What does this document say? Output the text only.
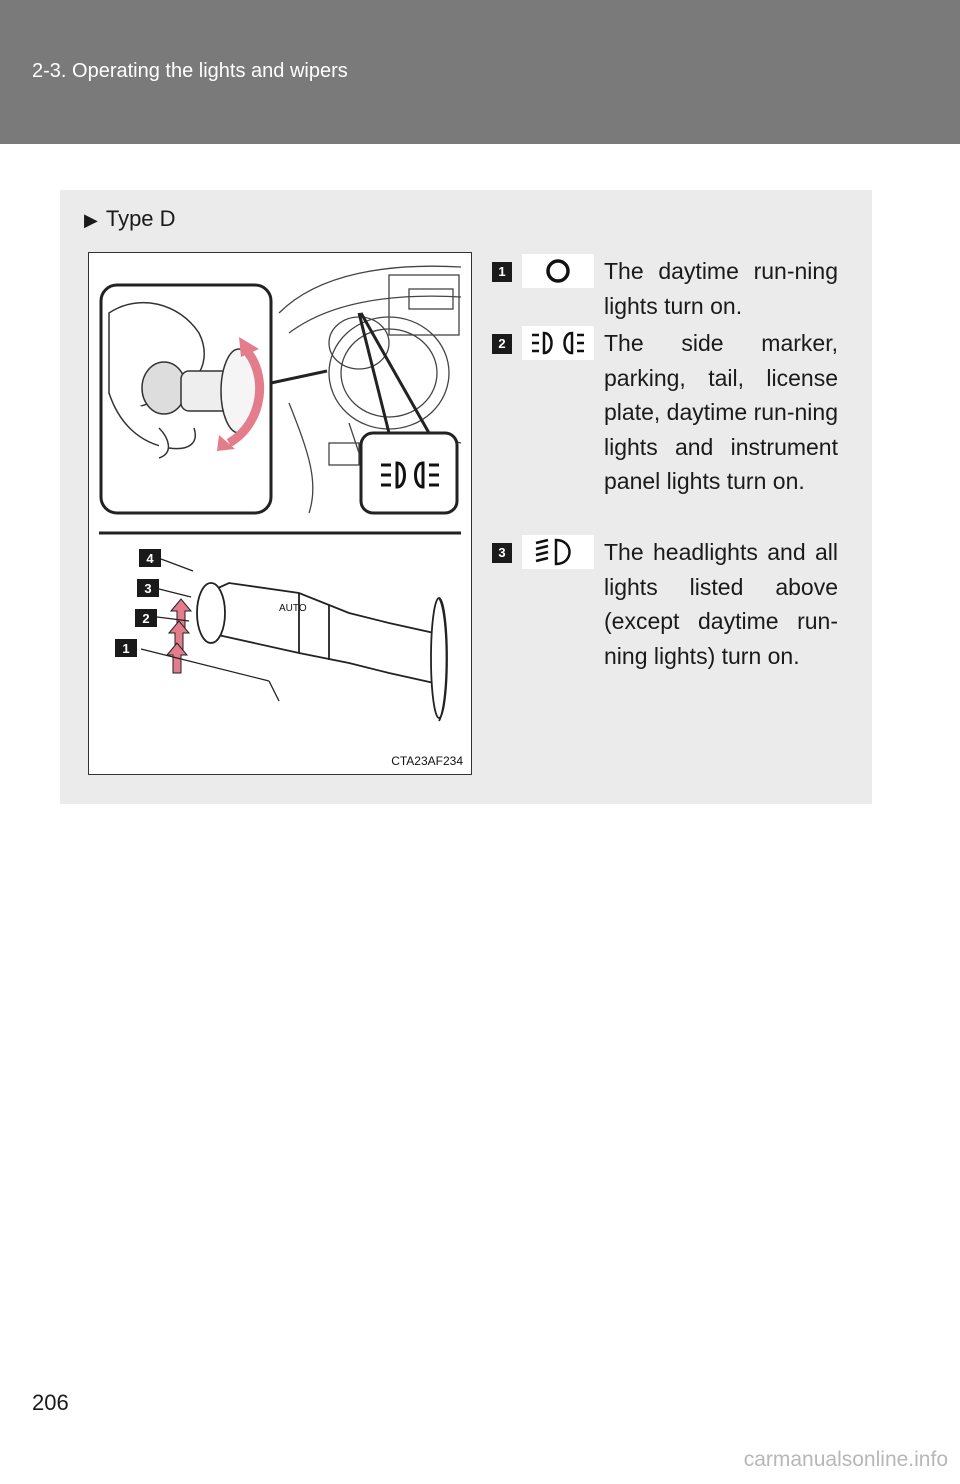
2-3. Operating the lights and wipers
▶ Type D
AUTO
4
3
2
1
CTA23AF234
1	The daytime run-ning lights turn on.
2	The side marker, parking, tail, license plate, daytime run-ning lights and instrument panel lights turn on.
3	The headlights and all lights listed above (except daytime run-ning lights) turn on.
206
carmanualsonline.info
